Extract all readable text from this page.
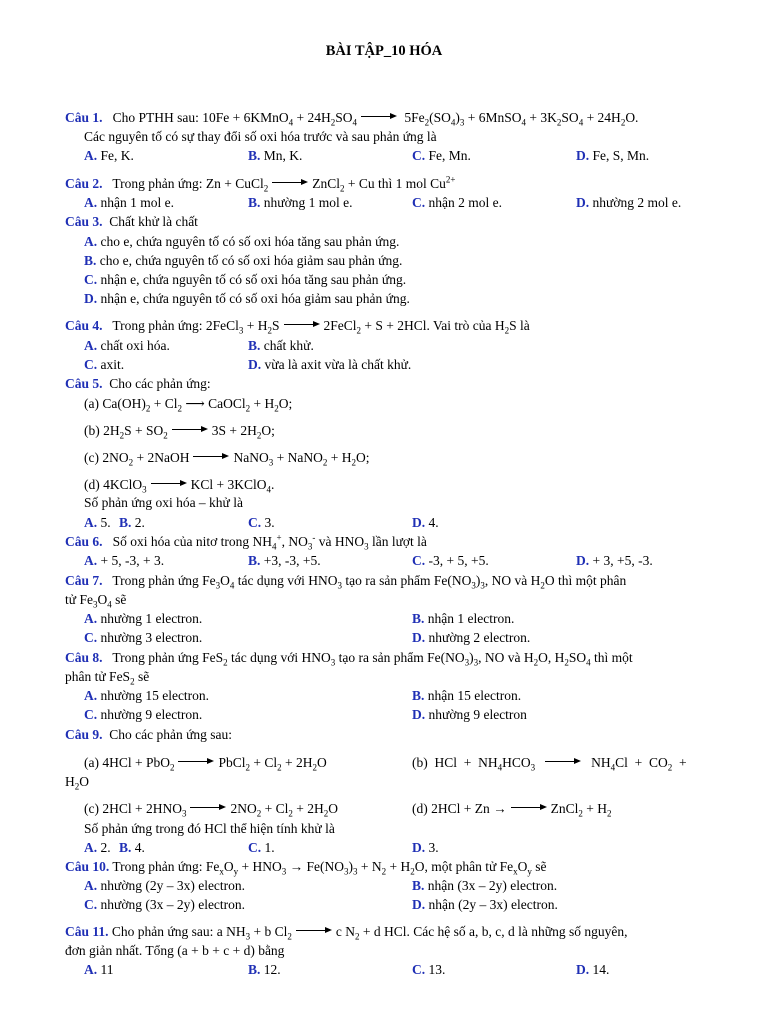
BÀI TẬP_10 HÓA
Câu 1. Cho PTHH sau: 10Fe + 6KMnO$_4$ + $24H_2SO_4$	$5Fe_2(SO_4)_3$ + 6MnSO$_4$ + $3K_2SO_4 + 24H_2O$.
Các nguyên tố có sự thay đổi số oxi hóa trước và sau phản ứng là
A. Fe, K.	B. Mn, K.	C. Fe, Mn.	D. Fe, S, Mn.
Câu 2. Trong phản ứng: Zn + CuCl$_2$	ZnCl$_2$ + Cu thì 1 mol $Cu^{2+}$
A. nhận 1 mol e.	B. nhường 1 mol e.	C. nhận 2 mol e.	D. nhường 2 mol e.
Câu 3. Chất khử là chất
A. cho e, chứa nguyên tố có số oxi hóa tăng sau phản ứng.
B. cho e, chứa nguyên tố có số oxi hóa giảm sau phản ứng.
C. nhận e, chứa nguyên tố có số oxi hóa tăng sau phản ứng.
D. nhận e, chứa nguyên tố có số oxi hóa giảm sau phản ứng.
Câu 4. Trong phản ứng: 2FeCl$_3$ + $H_2S$	2FeCl$_2$ + S + 2HCl. Vai trò của $H_2S$ là
A. chất oxi hóa.	B. chất khử.
C. axit.	D. vừa là axit vừa là chất khử.
Câu 5. Cho các phản ứng:
(a) $Ca(OH)_2 + Cl_2$ ⟶ CaOCl$_2$ + $H_2O$;
(b) $2H_2S + SO_2$	$3S + 2H_2O$;
(c) $2NO_2$ + 2NaOH	NaNO$_3$ + NaNO$_2$ + $H_2O$;
(d) 4KClO$_3$	KCl + 3KClO$_4$.
Số phản ứng oxi hóa – khử là
A. 5. B. 2.	C. 3.	D. 4.
Câu 6. Số oxi hóa của nitơ trong $NH_4^+$, $NO_3^-$ và $HNO_3$ lần lượt là
A. + 5, -3, + 3.	B. +3, -3, +5.	C. -3, + 5, +5.	D. + 3, +5, -3.
Câu 7. Trong phản ứng $Fe_3O_4$ tác dụng với $HNO_3$ tạo ra sản phẩm $Fe(NO_3)_3$, NO và $H_2O$ thì một phân
tử $Fe_3O_4$ sẽ
A. nhường 1 electron.	B. nhận 1 electron.
C. nhường 3 electron.	D. nhường 2 electron.
Câu 8. Trong phản ứng FeS$_2$ tác dụng với $HNO_3$ tạo ra sản phẩm $Fe(NO_3)_3$, NO và $H_2O$, $H_2SO_4$ thì một
phân tử FeS$_2$ sẽ
A. nhường 15 electron.	B. nhận 15 electron.
C. nhường 9 electron.	D. nhường 9 electron
Câu 9. Cho các phản ứng sau:
(a) 4HCl + PbO$_2$	PbCl$_2$ + $Cl_2 + 2H_2O$	(b)  HCl  +  $NH_4HCO_3$	$NH_4Cl + CO_2$  +
$H_2O$
(c) $2HCl + 2HNO_3$	$2NO_2 + Cl_2 + 2H_2O$	(d) 2HCl + Zn →	ZnCl$_2$ + $H_2$
Số phản ứng trong đó HCl thể hiện tính khử là
A. 2. B. 4.	C. 1.	D. 3.
Câu 10. Trong phản ứng: $Fe_xO_y + HNO_3 \to Fe(NO_3)_3 + N_2 + H_2O$, một phân tử $Fe_xO_y$ sẽ
A. nhường (2y – 3x) electron.	B. nhận (3x – 2y) electron.
C. nhường (3x – 2y) electron.	D. nhận (2y – 3x) electron.
Câu 11. Cho phản ứng sau: a $NH_3 + b$ $Cl_2$	c $N_2 + d$ HCl. Các hệ số a, b, c, d là những số nguyên,
đơn giản nhất. Tổng (a + b + c + d) bằng
A. 11	B. 12.	C. 13.	D. 14.
